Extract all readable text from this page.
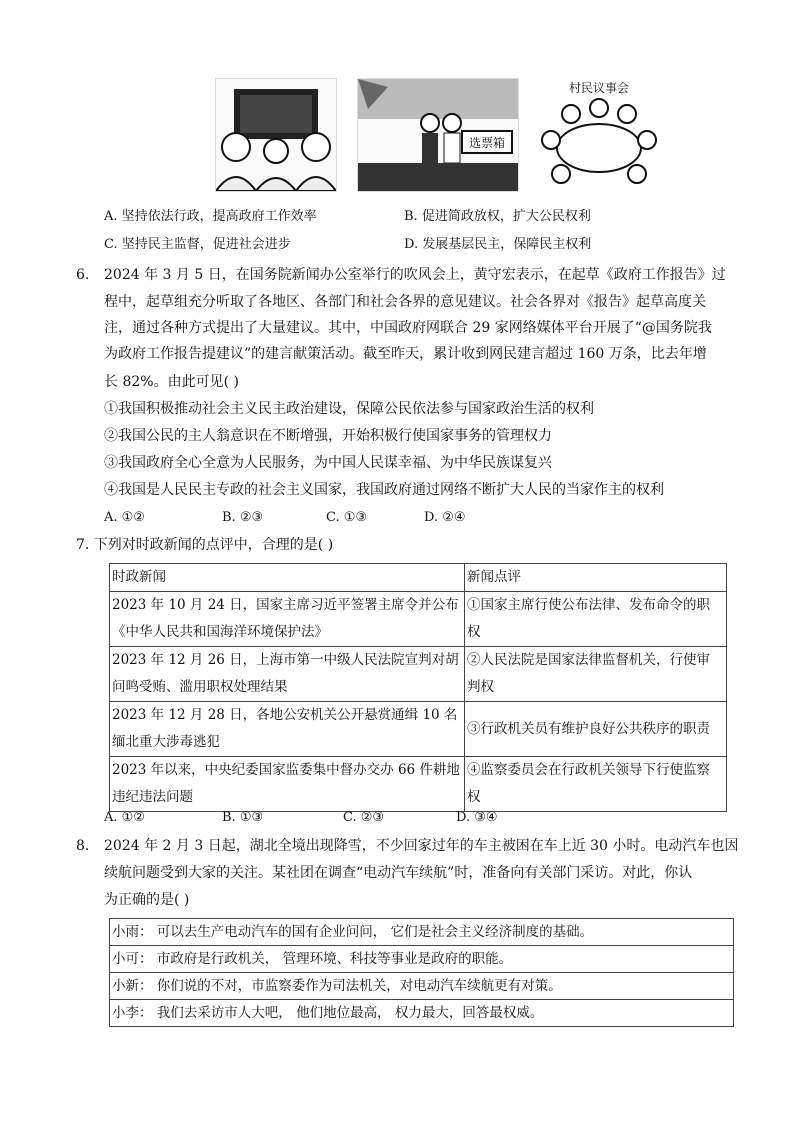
选票箱
村民议事会
A. 坚持依法行政，提高政府工作效率	B. 促进简政放权，扩大公民权利
C. 坚持民主监督，促进社会进步	D. 发展基层民主，保障民主权利
6. 2024 年 3 月 5 日，在国务院新闻办公室举行的吹风会上，黄守宏表示，在起草《政府工作报告》过
程中，起草组充分听取了各地区、各部门和社会各界的意见建议。社会各界对《报告》起草高度关
注，通过各种方式提出了大量建议。其中，中国政府网联合 29 家网络媒体平台开展了“@国务院我
为政府工作报告提建议”的建言献策活动。截至昨天，累计收到网民建言超过 160 万条，比去年增
长 82%。由此可见( )
①我国积极推动社会主义民主政治建设，保障公民依法参与国家政治生活的权利
②我国公民的主人翁意识在不断增强，开始积极行使国家事务的管理权力
③我国政府全心全意为人民服务，为中国人民谋幸福、为中华民族谋复兴
④我国是人民民主专政的社会主义国家，我国政府通过网络不断扩大人民的当家作主的权利
A. ①②	B. ②③	C. ①③	D. ②④
7. 下列对时政新闻的点评中，合理的是( )
时政新闻	新闻点评

2023 年 10 月 24 日，国家主席习近平签署主席令并公布
《中华人民共和国海洋环境保护法》	①国家主席行使公布法律、发布命令的职
权

2023 年 12 月 26 日，上海市第一中级人民法院宣判对胡
问鸣受贿、滥用职权处理结果	②人民法院是国家法律监督机关，行使审
判权

2023 年 12 月 28 日，各地公安机关公开悬赏通缉 10 名
缅北重大涉毒逃犯	③行政机关员有维护良好公共秩序的职责

2023 年以来，中央纪委国家监委集中督办交办 66 件耕地
违纪违法问题	④监察委员会在行政机关领导下行使监察
权
A. ①②	B. ①③	C. ②③	D. ③④
8. 2024 年 2 月 3 日起，湖北全境出现降雪，不少回家过年的车主被困在车上近 30 小时。电动汽车也因
续航问题受到大家的关注。某社团在调查“电动汽车续航”时，准备向有关部门采访。对此，你认
为正确的是( )
小雨： 可以去生产电动汽车的国有企业问问， 它们是社会主义经济制度的基础。
小可： 市政府是行政机关， 管理环境、科技等事业是政府的职能。
小新： 你们说的不对，市监察委作为司法机关，对电动汽车续航更有对策。
小李： 我们去采访市人大吧， 他们地位最高， 权力最大，回答最权威。
